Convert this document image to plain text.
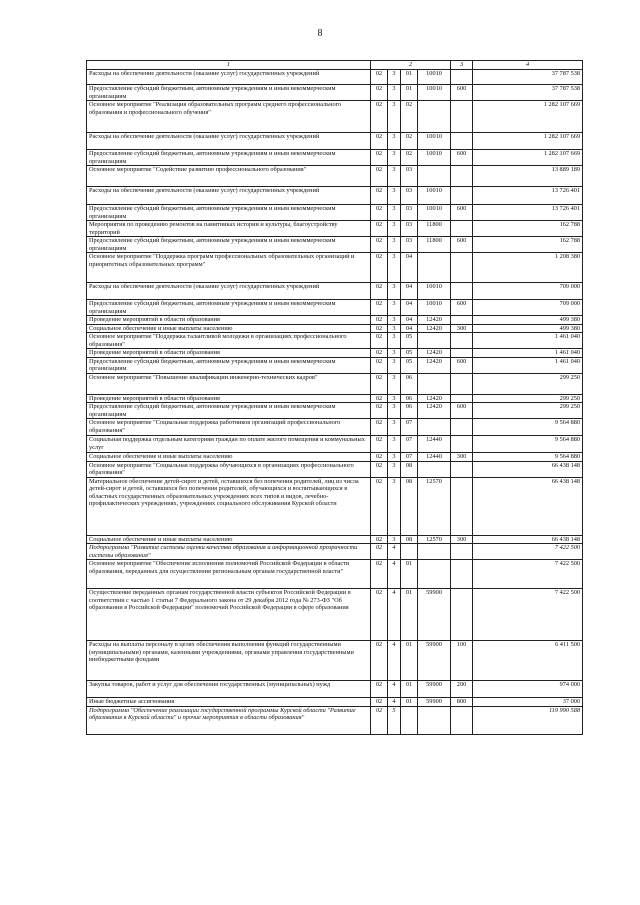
8
1	2				3	4
Расходы на обеспечение деятельности (оказание услуг) государственных учреждений	02	3	01	10010		37 787 538
Предоставление субсидий бюджетным, автономным учреждениям и иным некоммерческим организациям	02	3	01	10010	600	37 787 538
Основное мероприятие "Реализация образовательных программ среднего профессионального образования и профессионального обучения"	02	3	02			1 282 107 669
Расходы на обеспечение деятельности (оказание услуг) государственных учреждений	02	3	02	10010		1 282 107 669
Предоставление субсидий бюджетным, автономным учреждениям и иным некоммерческим организациям	02	3	02	10010	600	1 282 107 669
Основное мероприятие "Содействие развитию профессионального образования"	02	3	03			13 889 189
Расходы на обеспечение деятельности (оказание услуг) государственных учреждений	02	3	03	10010		13 726 401
Предоставление субсидий бюджетным, автономным учреждениям и иным некоммерческим организациям	02	3	03	10010	600	13 726 401
Мероприятия по проведению ремонтов на памятниках истории и культуры, благоустройству территорий	02	3	03	11800		162 788
Предоставление субсидий бюджетным, автономным учреждениям и иным некоммерческим организациям	02	3	03	11800	600	162 788
Основное мероприятие "Поддержка программ профессиональных образовательных организаций и приоритетных образовательных программ"	02	3	04			1 208 380
Расходы на обеспечение деятельности (оказание услуг) государственных учреждений	02	3	04	10010		709 000
Предоставление субсидий бюджетным, автономным учреждениям и иным некоммерческим организациям	02	3	04	10010	600	709 000
Проведение мероприятий в области образования	02	3	04	12420		499 380
Социальное обеспечение и иные выплаты населению	02	3	04	12420	300	499 380
Основное мероприятие "Поддержка талантливой молодежи в организациях профессионального образования"	02	3	05			1 461 040
Проведение мероприятий в области образования	02	3	05	12420		1 461 040
Предоставление субсидий бюджетным, автономным учреждениям и иным некоммерческим организациям	02	3	05	12420	600	1 461 040
Основное мероприятие "Повышение квалификации инженерно-технических кадров"	02	3	06			299 250
Проведение мероприятий в области образования	02	3	06	12420		299 250
Предоставление субсидий бюджетным, автономным учреждениям и иным некоммерческим организациям	02	3	06	12420	600	299 250
Основное мероприятие "Социальная поддержка работников организаций профессионального образования"	02	3	07			9 564 880
Социальная поддержка отдельным категориям граждан по оплате жилого помещения и коммунальных услуг	02	3	07	12440		9 564 880
Социальное обеспечение и иные выплаты населению	02	3	07	12440	300	9 564 880
Основное мероприятие "Социальная поддержка обучающихся в организациях профессионального образования"	02	3	08			66 438 148
Материальное обеспечение детей-сирот и детей, оставшихся без попечения родителей, лиц из числа детей-сирот и детей, оставшихся без попечения родителей, обучающихся и воспитывающихся в областных государственных образовательных учреждениях всех типов и видов, лечебно-профилактических учреждениях, учреждениях социального обслуживания Курской области	02	3	08	12570		66 438 148
Социальное обеспечение и иные выплаты населению	02	3	08	12570	300	66 438 148
Подпрограмма "Развитие системы оценки качества образования и информационной прозрачности системы образования"	02	4				7 422 500
Основное мероприятие "Обеспечение исполнения полномочий Российской Федерации в области образования, переданных для осуществления региональным органам государственной власти"	02	4	01			7 422 500
Осуществление переданных органам государственной власти субъектов Российской Федерации в соответствии с частью 1 статьи 7 Федерального закона от 29 декабря 2012 года № 273-ФЗ "Об образовании в Российской Федерации" полномочий Российской Федерации в сфере образования	02	4	01	59900		7 422 500
Расходы на выплаты персоналу в целях обеспечения выполнения функций государственными (муниципальными) органами, казенными учреждениями, органами управления государственными внебюджетными фондами	02	4	01	59900	100	6 411 500
Закупка товаров, работ и услуг для обеспечения государственных (муниципальных) нужд	02	4	01	59900	200	974 000
Иные бюджетные ассигнования	02	4	01	59900	800	37 000
Подпрограмма "Обеспечение реализации государственной программы Курской области "Развитие образования в Курской области" и прочие мероприятия в области образования"	02	5				119 990 588
